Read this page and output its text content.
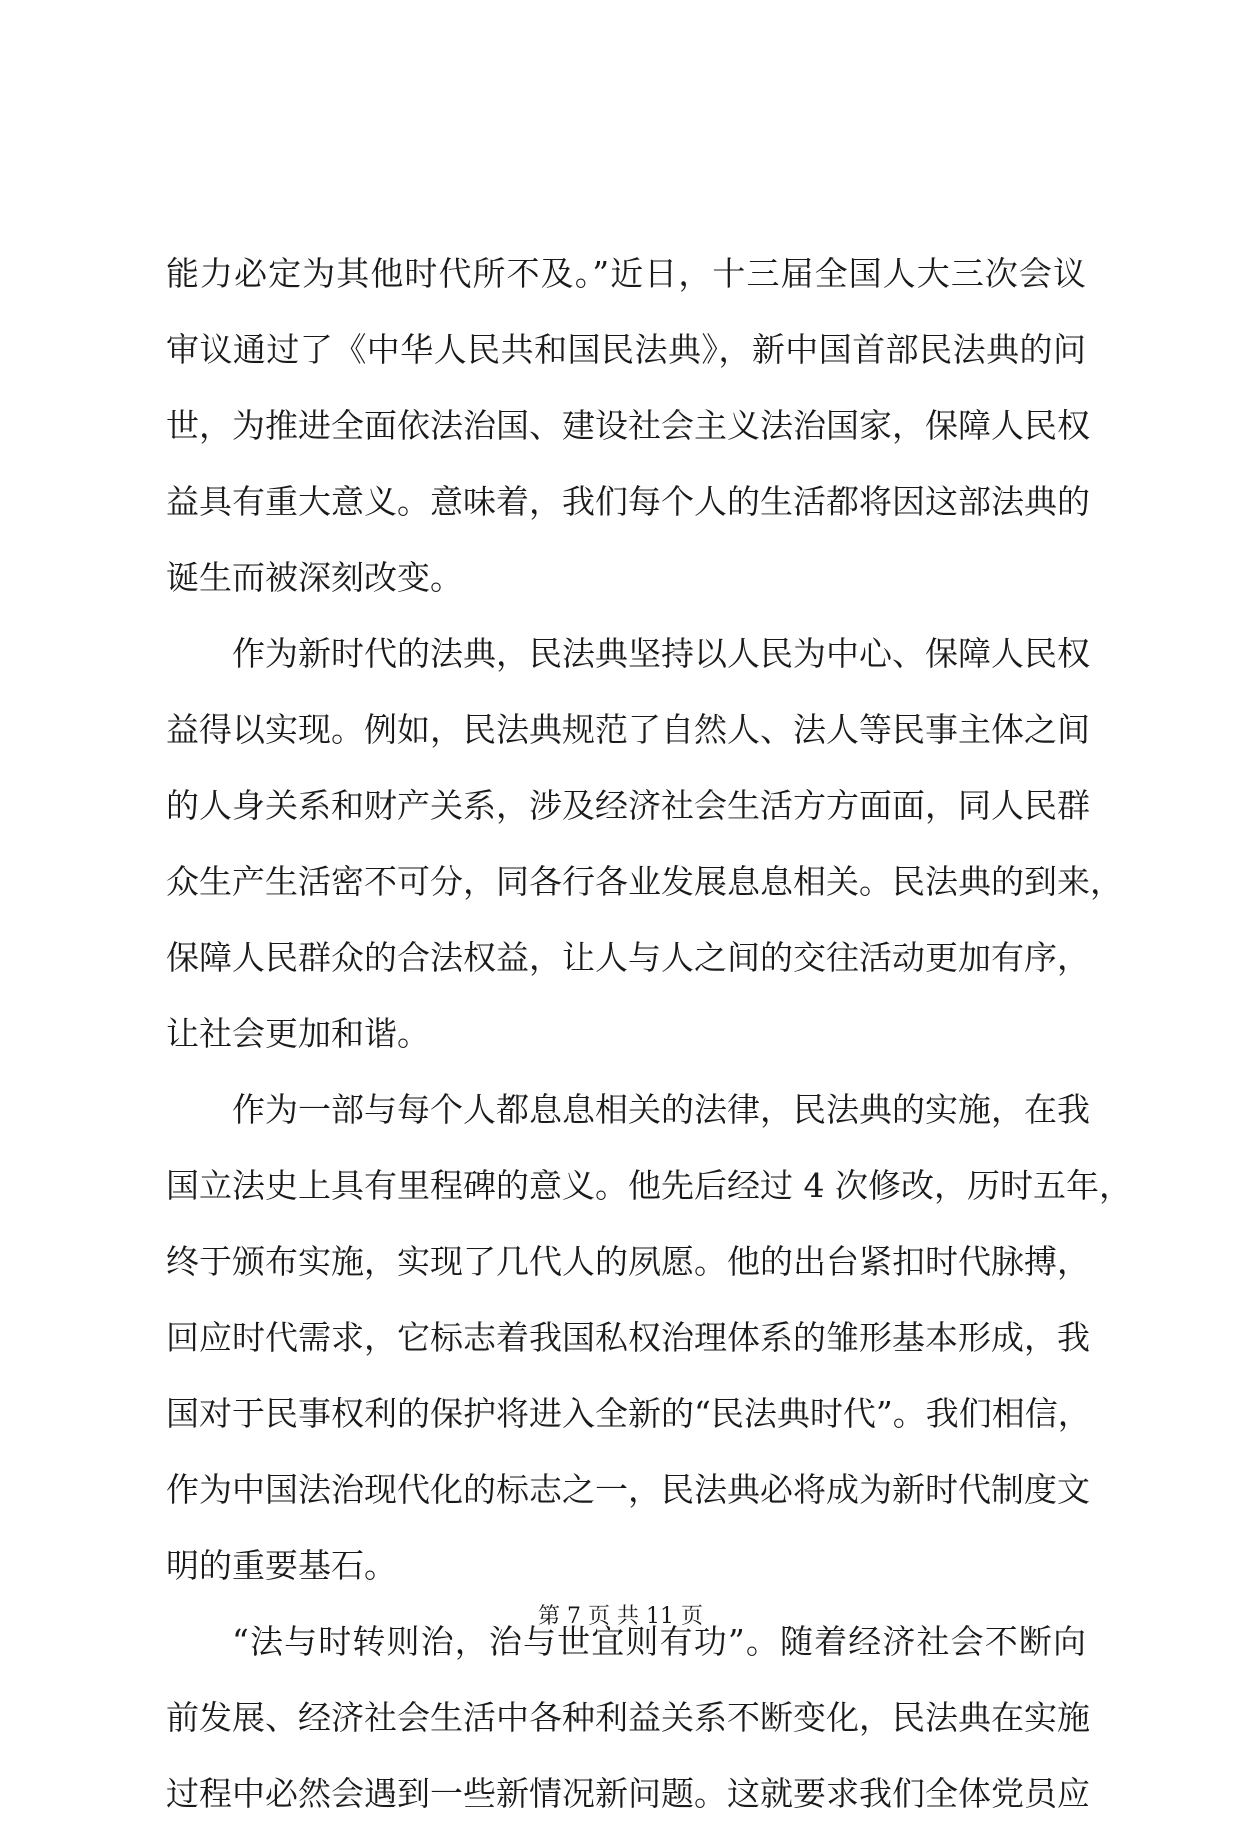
能力必定为其他时代所不及。”近日，十三届全国人大三次会议
审议通过了《中华人民共和国民法典》，新中国首部民法典的问
世，为推进全面依法治国、建设社会主义法治国家，保障人民权
益具有重大意义。意味着，我们每个人的生活都将因这部法典的
诞生而被深刻改变。
作为新时代的法典，民法典坚持以人民为中心、保障人民权
益得以实现。例如，民法典规范了自然人、法人等民事主体之间
的人身关系和财产关系，涉及经济社会生活方方面面，同人民群
众生产生活密不可分，同各行各业发展息息相关。民法典的到来，
保障人民群众的合法权益，让人与人之间的交往活动更加有序，
让社会更加和谐。
作为一部与每个人都息息相关的法律，民法典的实施，在我
国立法史上具有里程碑的意义。他先后经过 4 次修改，历时五年，
终于颁布实施，实现了几代人的夙愿。他的出台紧扣时代脉搏，
回应时代需求，它标志着我国私权治理体系的雏形基本形成，我
国对于民事权利的保护将进入全新的“民法典时代”。我们相信，
作为中国法治现代化的标志之一，民法典必将成为新时代制度文
明的重要基石。
“法与时转则治，治与世宜则有功”。随着经济社会不断向
前发展、经济社会生活中各种利益关系不断变化，民法典在实施
过程中必然会遇到一些新情况新问题。这就要求我们全体党员应
第 7 页 共 11 页
